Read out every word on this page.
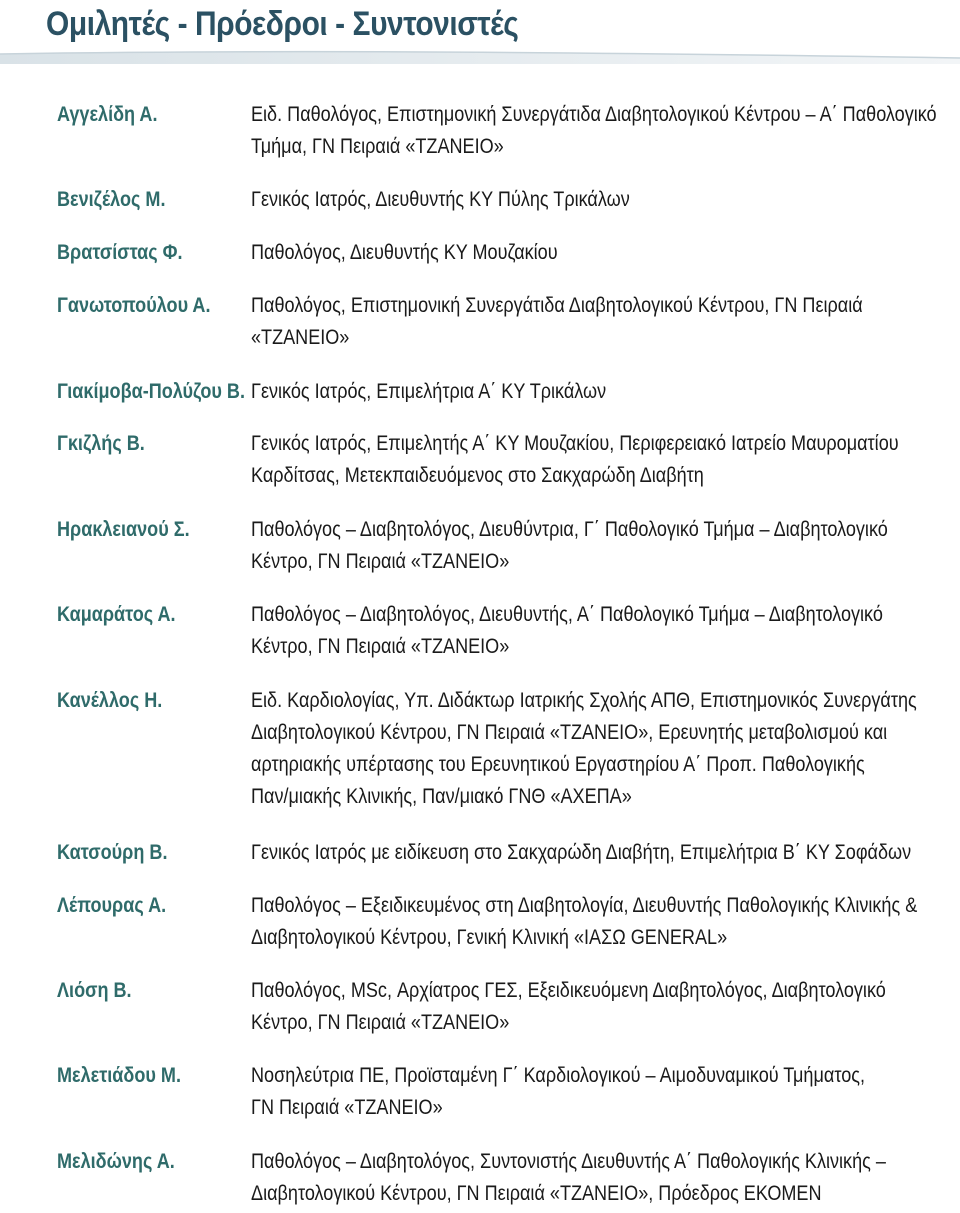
Ομιλητές - Πρόεδροι - Συντονιστές
Αγγελίδη Α.	Ειδ. Παθολόγος, Επιστημονική Συνεργάτιδα Διαβητολογικού Κέντρου – Α΄ Παθολογικό
Τμήμα, ΓΝ Πειραιά «ΤΖΑΝΕΙΟ»
Βενιζέλος Μ.	Γενικός Ιατρός, Διευθυντής ΚΥ Πύλης Τρικάλων
Βρατσίστας Φ.	Παθολόγος, Διευθυντής ΚΥ Μουζακίου
Γανωτοπούλου Α. Παθολόγος, Επιστημονική Συνεργάτιδα Διαβητολογικού Κέντρου, ΓΝ Πειραιά
«ΤΖΑΝΕΙΟ»
Γιακίμοβα-Πολύζου Β. Γενικός Ιατρός, Επιμελήτρια Α΄ ΚΥ Τρικάλων
Γκιζλής Β.	Γενικός Ιατρός, Επιμελητής Α΄ ΚΥ Μουζακίου, Περιφερειακό Ιατρείο Μαυροματίου
Καρδίτσας, Μετεκπαιδευόμενος στο Σακχαρώδη Διαβήτη
Ηρακλειανού Σ.	Παθολόγος – Διαβητολόγος, Διευθύντρια, Γ΄ Παθολογικό Τμήμα – Διαβητολογικό
Κέντρο, ΓΝ Πειραιά «ΤΖΑΝΕΙΟ»
Καμαράτος Α.	Παθολόγος – Διαβητολόγος, Διευθυντής, Α΄ Παθολογικό Τμήμα – Διαβητολογικό
Κέντρο, ΓΝ Πειραιά «ΤΖΑΝΕΙΟ»
Κανέλλος Η.	Ειδ. Καρδιολογίας, Υπ. Διδάκτωρ Ιατρικής Σχολής ΑΠΘ, Επιστημονικός Συνεργάτης
Διαβητολογικού Κέντρου, ΓΝ Πειραιά «ΤΖΑΝΕΙΟ», Ερευνητής μεταβολισμού και
αρτηριακής υπέρτασης του Ερευνητικού Εργαστηρίου Α΄ Προπ. Παθολογικής
Παν/μιακής Κλινικής, Παν/μιακό ΓΝΘ «ΑΧΕΠΑ»
Κατσούρη Β.	Γενικός Ιατρός με ειδίκευση στο Σακχαρώδη Διαβήτη, Επιμελήτρια Β΄ ΚΥ Σοφάδων
Λέπουρας Α.	Παθολόγος – Εξειδικευμένος στη Διαβητολογία, Διευθυντής Παθολογικής Κλινικής &
Διαβητολογικού Κέντρου, Γενική Κλινική «ΙΑΣΩ GENERAL»
Λιόση Β.	Παθολόγος, MSc, Αρχίατρος ΓΕΣ, Εξειδικευόμενη Διαβητολόγος, Διαβητολογικό
Κέντρο, ΓΝ Πειραιά «ΤΖΑΝΕΙΟ»
Μελετιάδου Μ.	Νοσηλεύτρια ΠΕ, Προϊσταμένη Γ΄ Καρδιολογικού – Αιμοδυναμικού Τμήματος,
ΓΝ Πειραιά «ΤΖΑΝΕΙΟ»
Μελιδώνης Α.	Παθολόγος – Διαβητολόγος, Συντονιστής Διευθυντής Α΄ Παθολογικής Κλινικής –
Διαβητολογικού Κέντρου, ΓΝ Πειραιά «ΤΖΑΝΕΙΟ», Πρόεδρος ΕΚΟΜΕΝ
